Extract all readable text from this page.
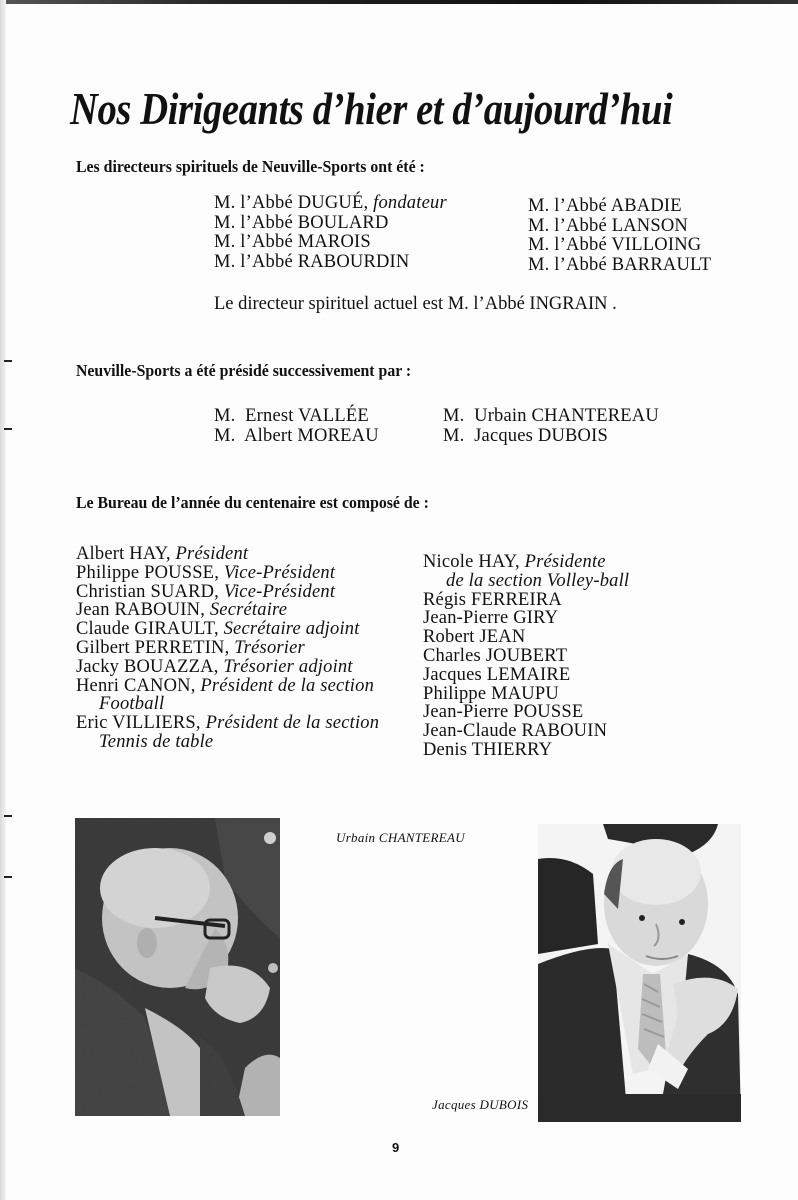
Nos Dirigeants d’hier et d’aujourd’hui
Les directeurs spirituels de Neuville-Sports ont été :
M. l’Abbé DUGUÉ, fondateur
M. l’Abbé BOULARD
M. l’Abbé MAROIS
M. l’Abbé RABOURDIN
M. l’Abbé ABADIE
M. l’Abbé LANSON
M. l’Abbé VILLOING
M. l’Abbé BARRAULT
Le directeur spirituel actuel est M. l’Abbé INGRAIN .
Neuville-Sports a été présidé successivement par :
M. Ernest VALLÉE
M. Albert MOREAU
M. Urbain CHANTEREAU
M. Jacques DUBOIS
Le Bureau de l’année du centenaire est composé de :
Albert HAY, Président
Philippe POUSSE, Vice-Président
Christian SUARD, Vice-Président
Jean RABOUIN, Secrétaire
Claude GIRAULT, Secrétaire adjoint
Gilbert PERRETIN, Trésorier
Jacky BOUAZZA, Trésorier adjoint
Henri CANON, Président de la section
Football
Eric VILLIERS, Président de la section
Tennis de table
Nicole HAY, Présidente
de la section Volley-ball
Régis FERREIRA
Jean-Pierre GIRY
Robert JEAN
Charles JOUBERT
Jacques LEMAIRE
Philippe MAUPU
Jean-Pierre POUSSE
Jean-Claude RABOUIN
Denis THIERRY
Urbain CHANTEREAU
Jacques DUBOIS
9
